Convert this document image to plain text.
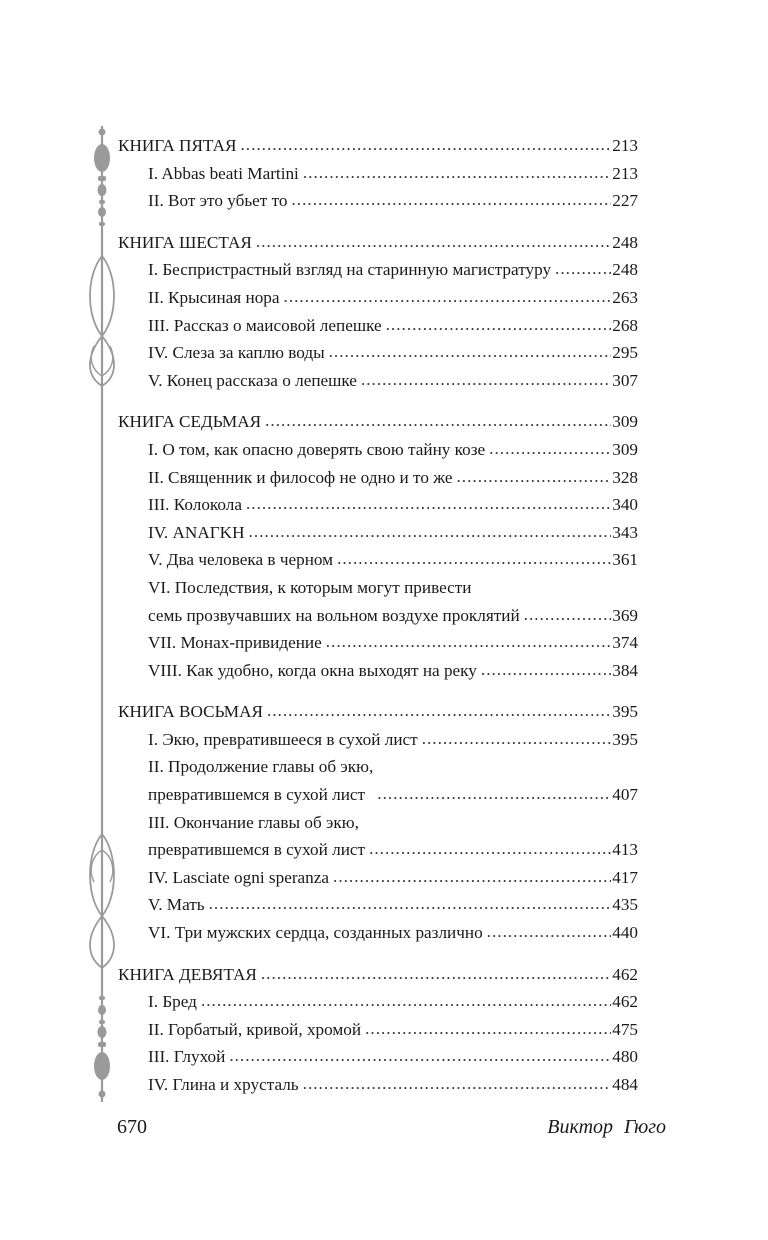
КНИГА ПЯТАЯ .....	213
I. Abbas beati Martini .....	213
II. Вот это убьет то .....	227
КНИГА ШЕСТАЯ .....	248
I. Беспристрастный взгляд на старинную магистратуру .....	248
II. Крысиная нора .....	263
III. Рассказ о маисовой лепешке .....	268
IV. Слеза за каплю воды .....	295
V. Конец рассказа о лепешке .....	307
КНИГА СЕДЬМАЯ .....	309
I. О том, как опасно доверять свою тайну козе .....	309
II. Священник и философ не одно и то же .....	328
III. Колокола .....	340
IV. ΑΝΑΓΚΗ .....	343
V. Два человека в черном .....	361
VI. Последствия, к которым могут привести
семь прозвучавших на вольном воздухе проклятий .....	369
VII. Монах-привидение .....	374
VIII. Как удобно, когда окна выходят на реку .....	384
КНИГА ВОСЬМАЯ .....	395
I. Экю, превратившееся в сухой лист .....	395
II. Продолжение главы об экю,
превратившемся в сухой лист .....	407
III. Окончание главы об экю,
превратившемся в сухой лист .....	413
IV. Lasciate ogni speranza .....	417
V. Мать .....	435
VI. Три мужских сердца, созданных различно .....	440
КНИГА ДЕВЯТАЯ .....	462
I. Бред .....	462
II. Горбатый, кривой, хромой .....	475
III. Глухой .....	480
IV. Глина и хрусталь .....	484
670	Виктор Гюго
